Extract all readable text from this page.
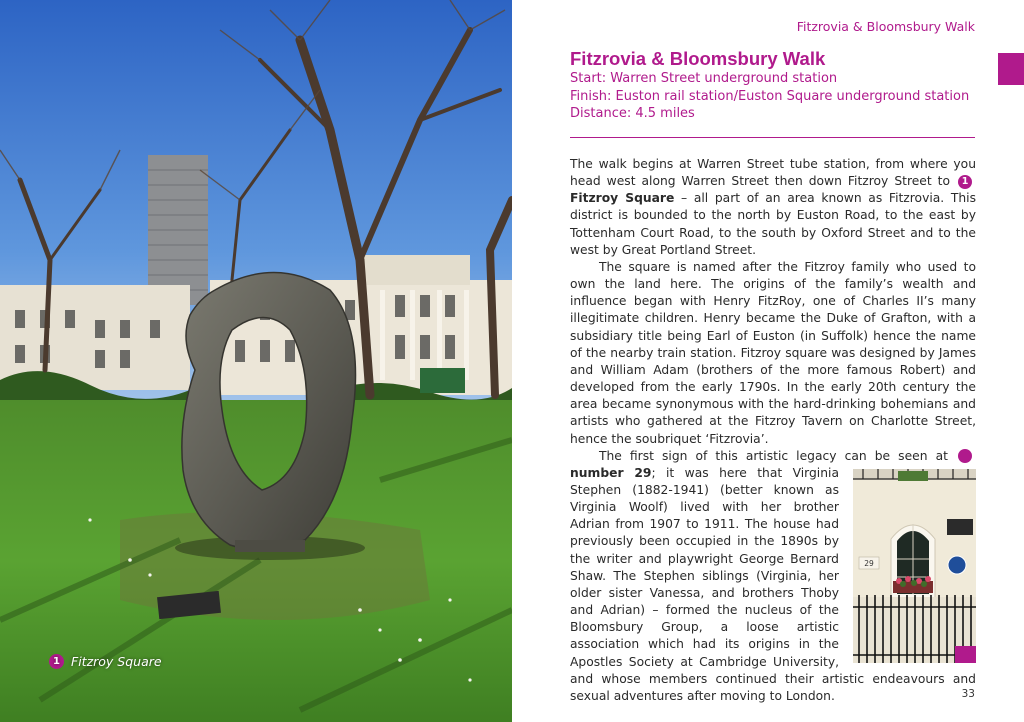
1 Fitzroy Square
Fitzrovia & Bloomsbury Walk
Fitzrovia & Bloomsbury Walk
Start: Warren Street underground station
Finish: Euston rail station/Euston Square underground station
Distance: 4.5 miles

The walk begins at Warren Street tube station, from where you head west along Warren Street then down Fitzroy Street to 1 Fitzroy Square – all part of an area known as Fitzrovia. This district is bounded to the north by Euston Road, to the east by Tottenham Court Road, to the south by Oxford Street and to the west by Great Portland Street.

The square is named after the Fitzroy family who used to own the land here. The origins of the family’s wealth and influence began with Henry FitzRoy, one of Charles II’s many illegitimate children. Henry became the Duke of Grafton, with a subsidiary title being Earl of Euston (in Suffolk) hence the name of the nearby train station. Fitzroy square was designed by James and William Adam (brothers of the more famous Robert) and developed from the early 1790s. In the early 20th century the area became synonymous with the hard-drinking bohemians and artists who gathered at the Fitzroy Tavern on Charlotte Street, hence the soubriquet ‘Fitzrovia’.

The first sign of this artistic legacy can be seen at	2 number 29
29
2
; it was here that Virginia Stephen (1882-1941) (better known as Virginia Woolf) lived with her brother Adrian from 1907 to 1911. The house had previously been occupied in the 1890s by the writer and playwright George Bernard Shaw. The Stephen siblings (Virginia, her older sister Vanessa, and brothers Thoby and Adrian) – formed the nucleus of the Bloomsbury Group, a loose artistic association which had its origins in the Apostles Society at Cambridge University, and whose members continued their artistic endeavours and sexual adventures after moving to London.	33
